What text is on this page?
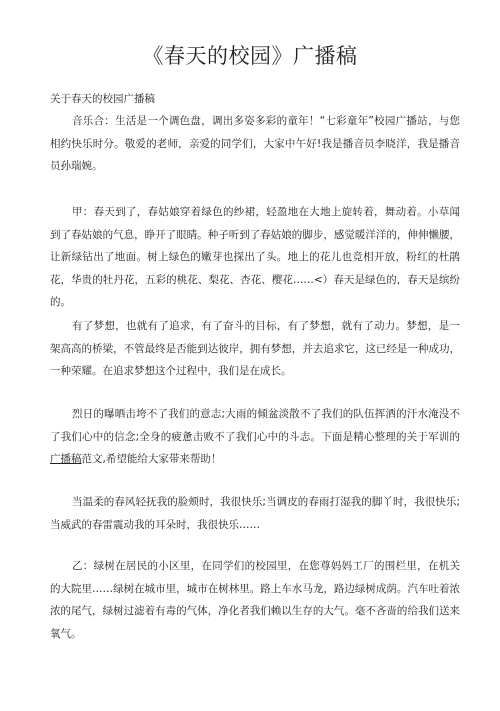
《春天的校园》广播稿
关于春天的校园广播稿

音乐合：生活是一个调色盘，调出多姿多彩的童年！“七彩童年”校园广播站，与您相约快乐时分。敬爱的老师，亲爱的同学们，大家中午好!我是播音员李晓洋，我是播音员孙瑞婉。

甲：春天到了，春姑娘穿着绿色的纱裙，轻盈地在大地上旋转着，舞动着。小草闻到了春姑娘的气息，睁开了眼睛。种子听到了春姑娘的脚步，感觉暖洋洋的，伸伸懒腰，让新绿钻出了地面。树上绿色的嫩芽也探出了头。地上的花儿也竞相开放，粉红的杜鹃花，华贵的牡丹花，五彩的桃花、梨花、杏花、樱花……<）春天是绿色的，春天是缤纷的。

有了梦想，也就有了追求，有了奋斗的目标，有了梦想，就有了动力。梦想，是一架高高的桥梁，不管最终是否能到达彼岸，拥有梦想，并去追求它，这已经是一种成功，一种荣耀。在追求梦想这个过程中，我们是在成长。

烈日的曝晒击垮不了我们的意志;大雨的倾盆淡散不了我们的队伍挥洒的汗水淹没不了我们心中的信念;全身的疲惫击败不了我们心中的斗志。下面是精心整理的关于军训的广播稿范文,希望能给大家带来帮助！

当温柔的春风轻抚我的脸颊时，我很快乐;当调皮的春雨打湿我的脚丫时，我很快乐;当威武的春雷震动我的耳朵时，我很快乐……

乙：绿树在居民的小区里，在同学们的校园里，在您尊妈妈工厂的围栏里，在机关的大院里……绿树在城市里，城市在树林里。路上车水马龙，路边绿树成荫。汽车吐着浓浓的尾气，绿树过滤着有毒的气体，净化者我们赖以生存的大气。毫不吝啬的给我们送来氧气。
